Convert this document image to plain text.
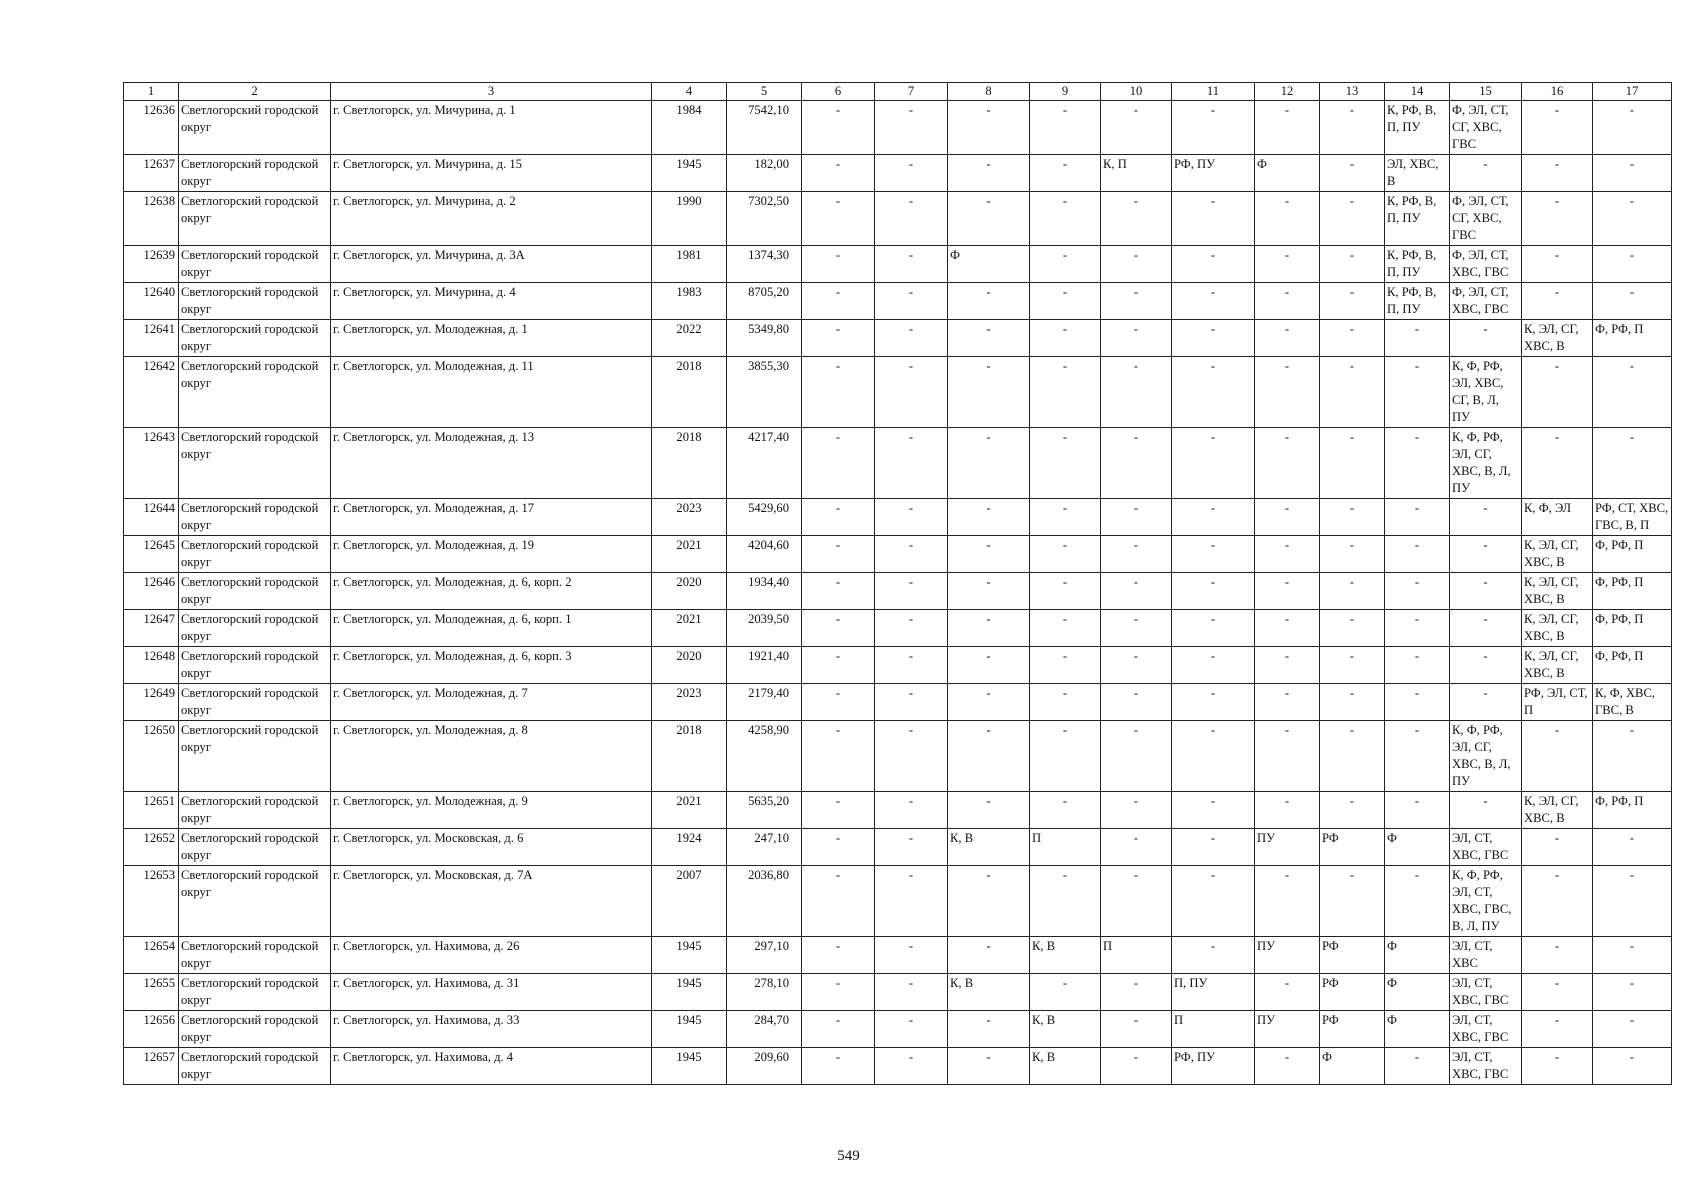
1	2	3	4	5	6	7	8	9	10	11	12	13	14	15	16	17
12636	Светлогорский городской округ	г. Светлогорск, ул. Мичурина, д. 1	1984	7542,10	-	-	-	-	-	-	-	-	К, РФ, В, П, ПУ	Ф, ЭЛ, СТ, СГ, ХВС, ГВС	-	-
12637	Светлогорский городской округ	г. Светлогорск, ул. Мичурина, д. 15	1945	182,00	-	-	-	-	К, П	РФ, ПУ	Ф	-	ЭЛ, ХВС, В	-	-	-
12638	Светлогорский городской округ	г. Светлогорск, ул. Мичурина, д. 2	1990	7302,50	-	-	-	-	-	-	-	-	К, РФ, В, П, ПУ	Ф, ЭЛ, СТ, СГ, ХВС, ГВС	-	-
12639	Светлогорский городской округ	г. Светлогорск, ул. Мичурина, д. 3А	1981	1374,30	-	-	Ф	-	-	-	-	-	К, РФ, В, П, ПУ	Ф, ЭЛ, СТ, ХВС, ГВС	-	-
12640	Светлогорский городской округ	г. Светлогорск, ул. Мичурина, д. 4	1983	8705,20	-	-	-	-	-	-	-	-	К, РФ, В, П, ПУ	Ф, ЭЛ, СТ, ХВС, ГВС	-	-
12641	Светлогорский городской округ	г. Светлогорск, ул. Молодежная, д. 1	2022	5349,80	-	-	-	-	-	-	-	-	-	-	К, ЭЛ, СГ, ХВС, В	Ф, РФ, П
12642	Светлогорский городской округ	г. Светлогорск, ул. Молодежная, д. 11	2018	3855,30	-	-	-	-	-	-	-	-	-	К, Ф, РФ, ЭЛ, ХВС, СГ, В, Л, ПУ	-	-
12643	Светлогорский городской округ	г. Светлогорск, ул. Молодежная, д. 13	2018	4217,40	-	-	-	-	-	-	-	-	-	К, Ф, РФ, ЭЛ, СГ, ХВС, В, Л, ПУ	-	-
12644	Светлогорский городской округ	г. Светлогорск, ул. Молодежная, д. 17	2023	5429,60	-	-	-	-	-	-	-	-	-	-	К, Ф, ЭЛ	РФ, СТ, ХВС, ГВС, В, П
12645	Светлогорский городской округ	г. Светлогорск, ул. Молодежная, д. 19	2021	4204,60	-	-	-	-	-	-	-	-	-	-	К, ЭЛ, СГ, ХВС, В	Ф, РФ, П
12646	Светлогорский городской округ	г. Светлогорск, ул. Молодежная, д. 6, корп. 2	2020	1934,40	-	-	-	-	-	-	-	-	-	-	К, ЭЛ, СГ, ХВС, В	Ф, РФ, П
12647	Светлогорский городской округ	г. Светлогорск, ул. Молодежная, д. 6, корп. 1	2021	2039,50	-	-	-	-	-	-	-	-	-	-	К, ЭЛ, СГ, ХВС, В	Ф, РФ, П
12648	Светлогорский городской округ	г. Светлогорск, ул. Молодежная, д. 6, корп. 3	2020	1921,40	-	-	-	-	-	-	-	-	-	-	К, ЭЛ, СГ, ХВС, В	Ф, РФ, П
12649	Светлогорский городской округ	г. Светлогорск, ул. Молодежная, д. 7	2023	2179,40	-	-	-	-	-	-	-	-	-	-	РФ, ЭЛ, СТ, П	К, Ф, ХВС, ГВС, В
12650	Светлогорский городской округ	г. Светлогорск, ул. Молодежная, д. 8	2018	4258,90	-	-	-	-	-	-	-	-	-	К, Ф, РФ, ЭЛ, СГ, ХВС, В, Л, ПУ	-	-
12651	Светлогорский городской округ	г. Светлогорск, ул. Молодежная, д. 9	2021	5635,20	-	-	-	-	-	-	-	-	-	-	К, ЭЛ, СГ, ХВС, В	Ф, РФ, П
12652	Светлогорский городской округ	г. Светлогорск, ул. Московская, д. 6	1924	247,10	-	-	К, В	П	-	-	ПУ	РФ	Ф	ЭЛ, СТ, ХВС, ГВС	-	-
12653	Светлогорский городской округ	г. Светлогорск, ул. Московская, д. 7А	2007	2036,80	-	-	-	-	-	-	-	-	-	К, Ф, РФ, ЭЛ, СТ, ХВС, ГВС, В, Л, ПУ	-	-
12654	Светлогорский городской округ	г. Светлогорск, ул. Нахимова, д. 26	1945	297,10	-	-	-	К, В	П	-	ПУ	РФ	Ф	ЭЛ, СТ, ХВС	-	-
12655	Светлогорский городской округ	г. Светлогорск, ул. Нахимова, д. 31	1945	278,10	-	-	К, В	-	-	П, ПУ	-	РФ	Ф	ЭЛ, СТ, ХВС, ГВС	-	-
12656	Светлогорский городской округ	г. Светлогорск, ул. Нахимова, д. 33	1945	284,70	-	-	-	К, В	-	П	ПУ	РФ	Ф	ЭЛ, СТ, ХВС, ГВС	-	-
12657	Светлогорский городской округ	г. Светлогорск, ул. Нахимова, д. 4	1945	209,60	-	-	-	К, В	-	РФ, ПУ	-	Ф	-	ЭЛ, СТ, ХВС, ГВС	-	-
549
